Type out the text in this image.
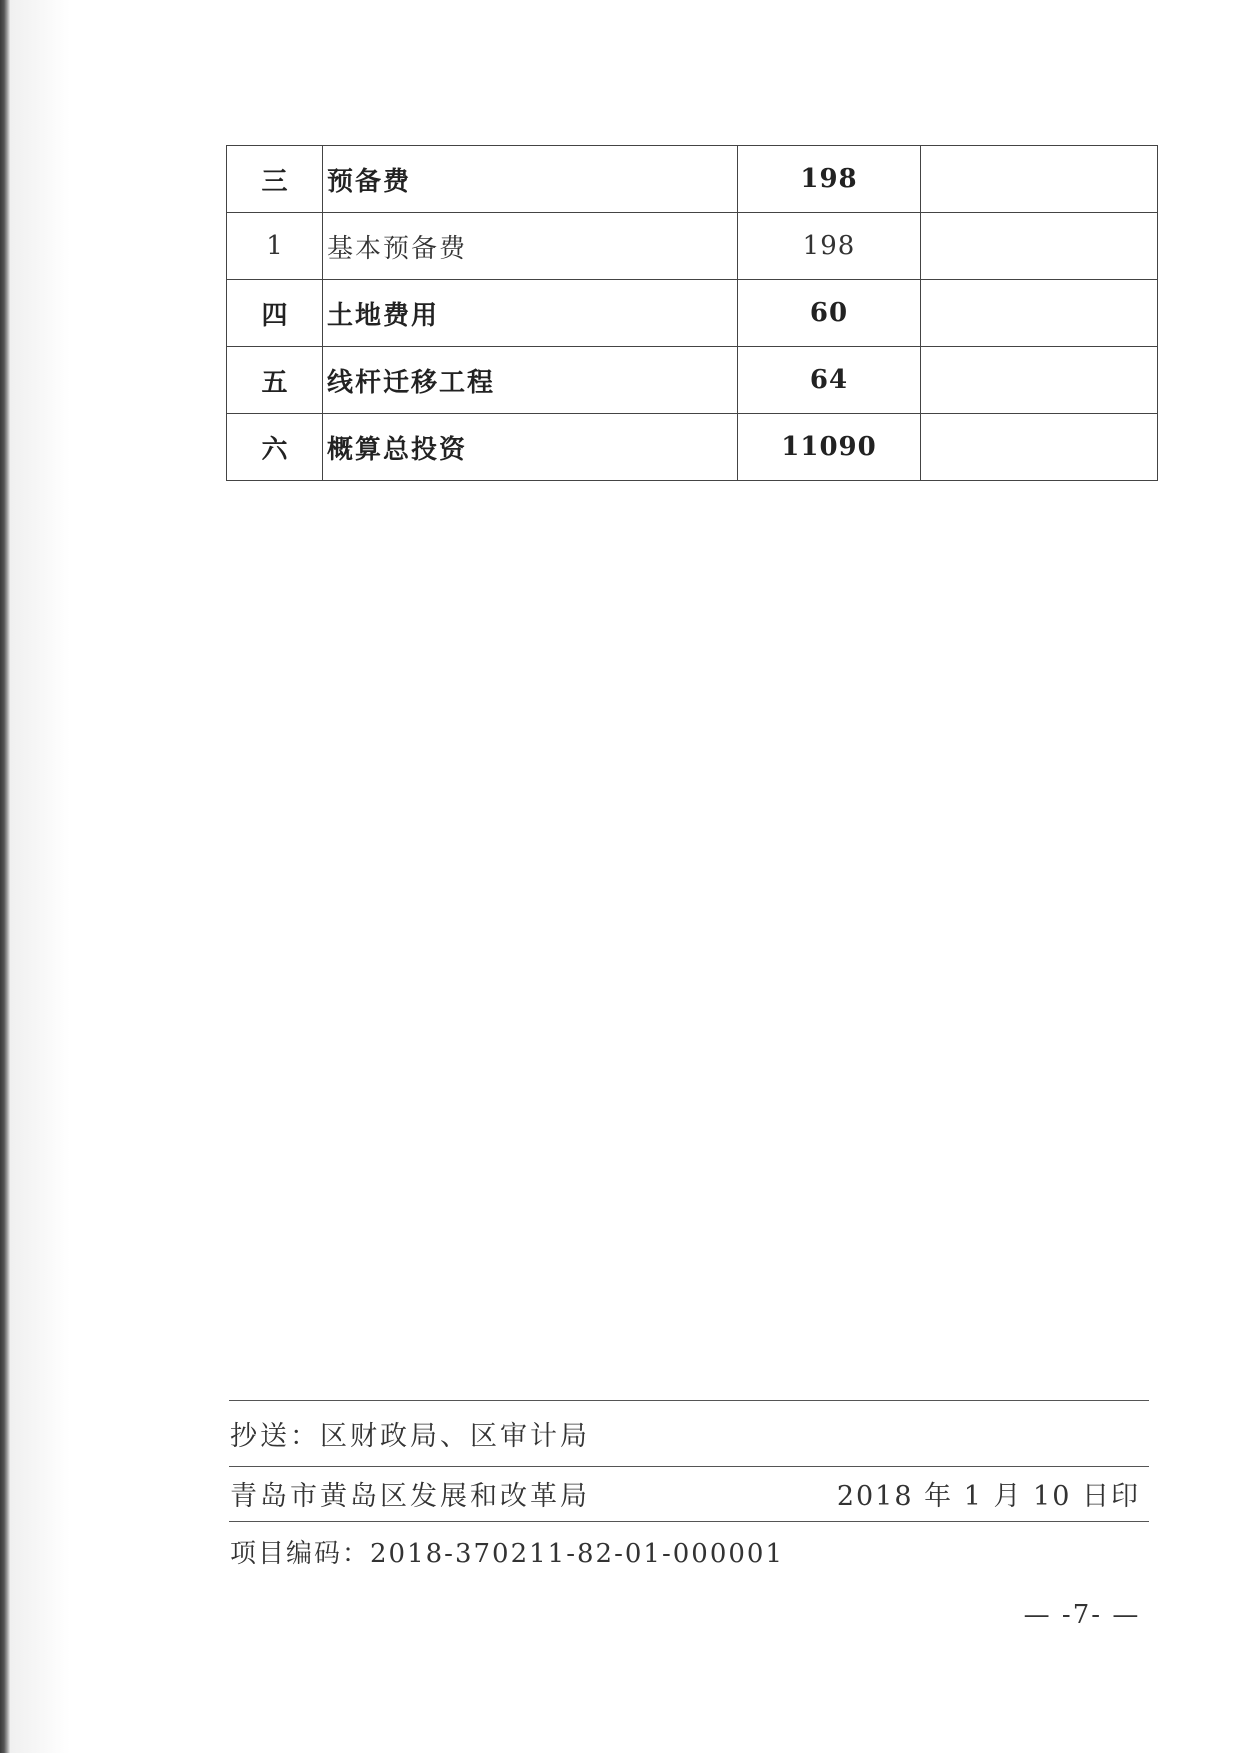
三	预备费	198	
1	基本预备费	198	
四	土地费用	60	
五	线杆迁移工程	64	
六	概算总投资	11090	
抄送：区财政局、区审计局
青岛市黄岛区发展和改革局	2018 年 1 月 10 日印
项目编码：2018-370211-82-01-000001
— -7- —
